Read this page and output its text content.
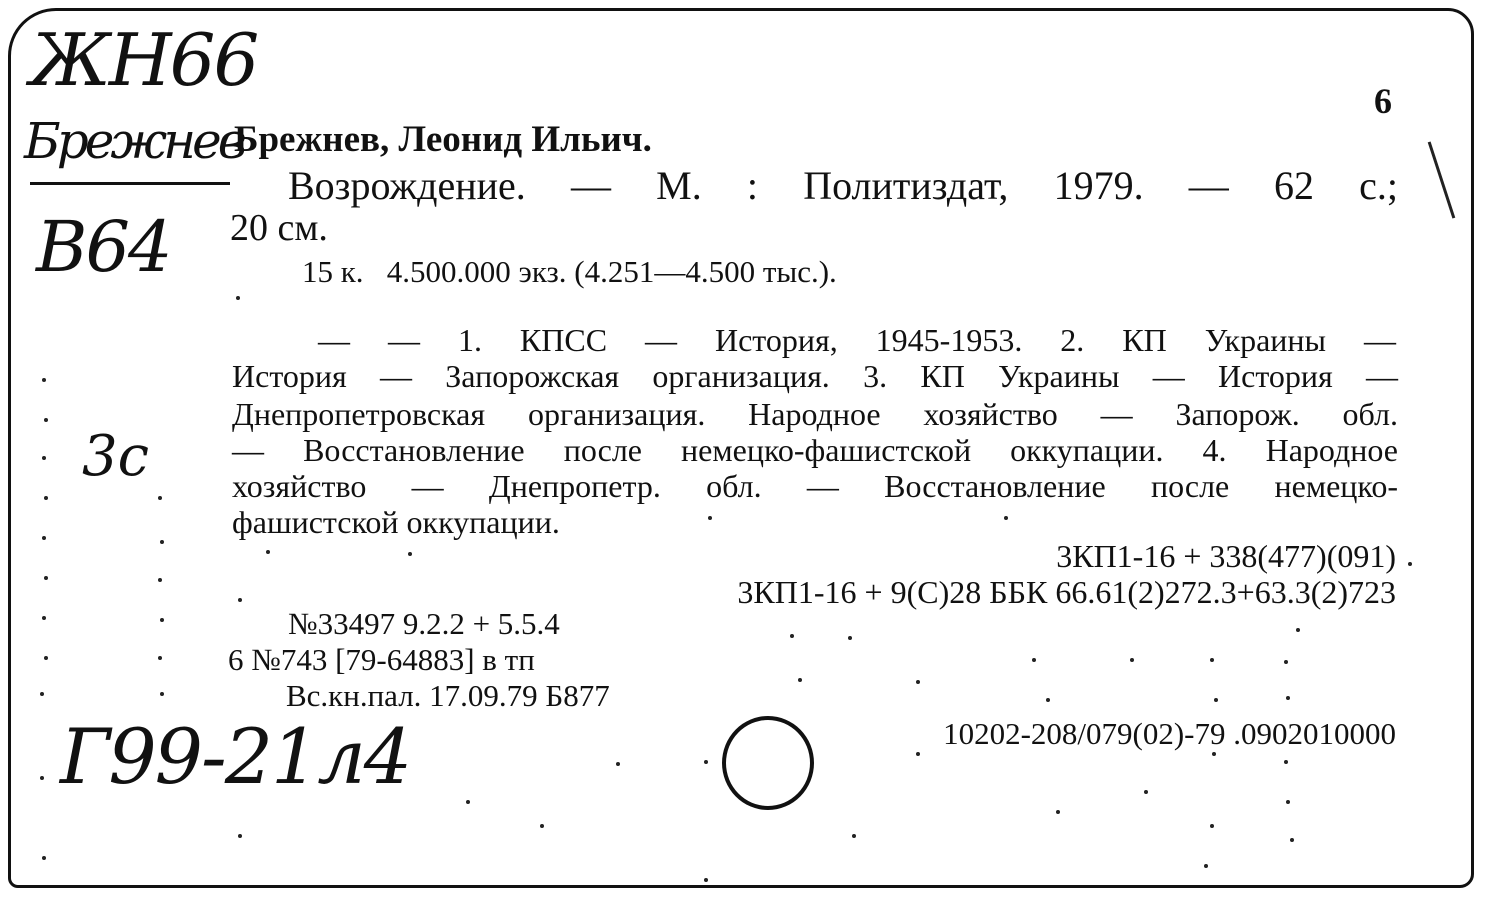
ЖН66
Брежнев
В64
3с
Г99-21л4
6
Брежнев, Леонид Ильич.
Возрождение. — М. : Политиздат, 1979. — 62 с.;
20 см.
15 к.   4.500.000 экз. (4.251—4.500 тыс.).
— — 1. КПСС — История, 1945-1953. 2. КП Украины —
История — Запорожская организация. 3. КП Украины — История —
Днепропетровская организация. Народное хозяйство — Запорож. обл.
— Восстановление после немецко-фашистской оккупации. 4. Народное
хозяйство — Днепропетр. обл. — Восстановление после немецко-
фашистской оккупации.
3КП1-16 + 338(477)(091)
3КП1-16 + 9(С)28 ББК 66.61(2)272.3+63.3(2)723
№33497 9.2.2 + 5.5.4
6 №743 [79-64883] в тп
Вс.кн.пал. 17.09.79 Б877
10202-208/079(02)-79 .0902010000
